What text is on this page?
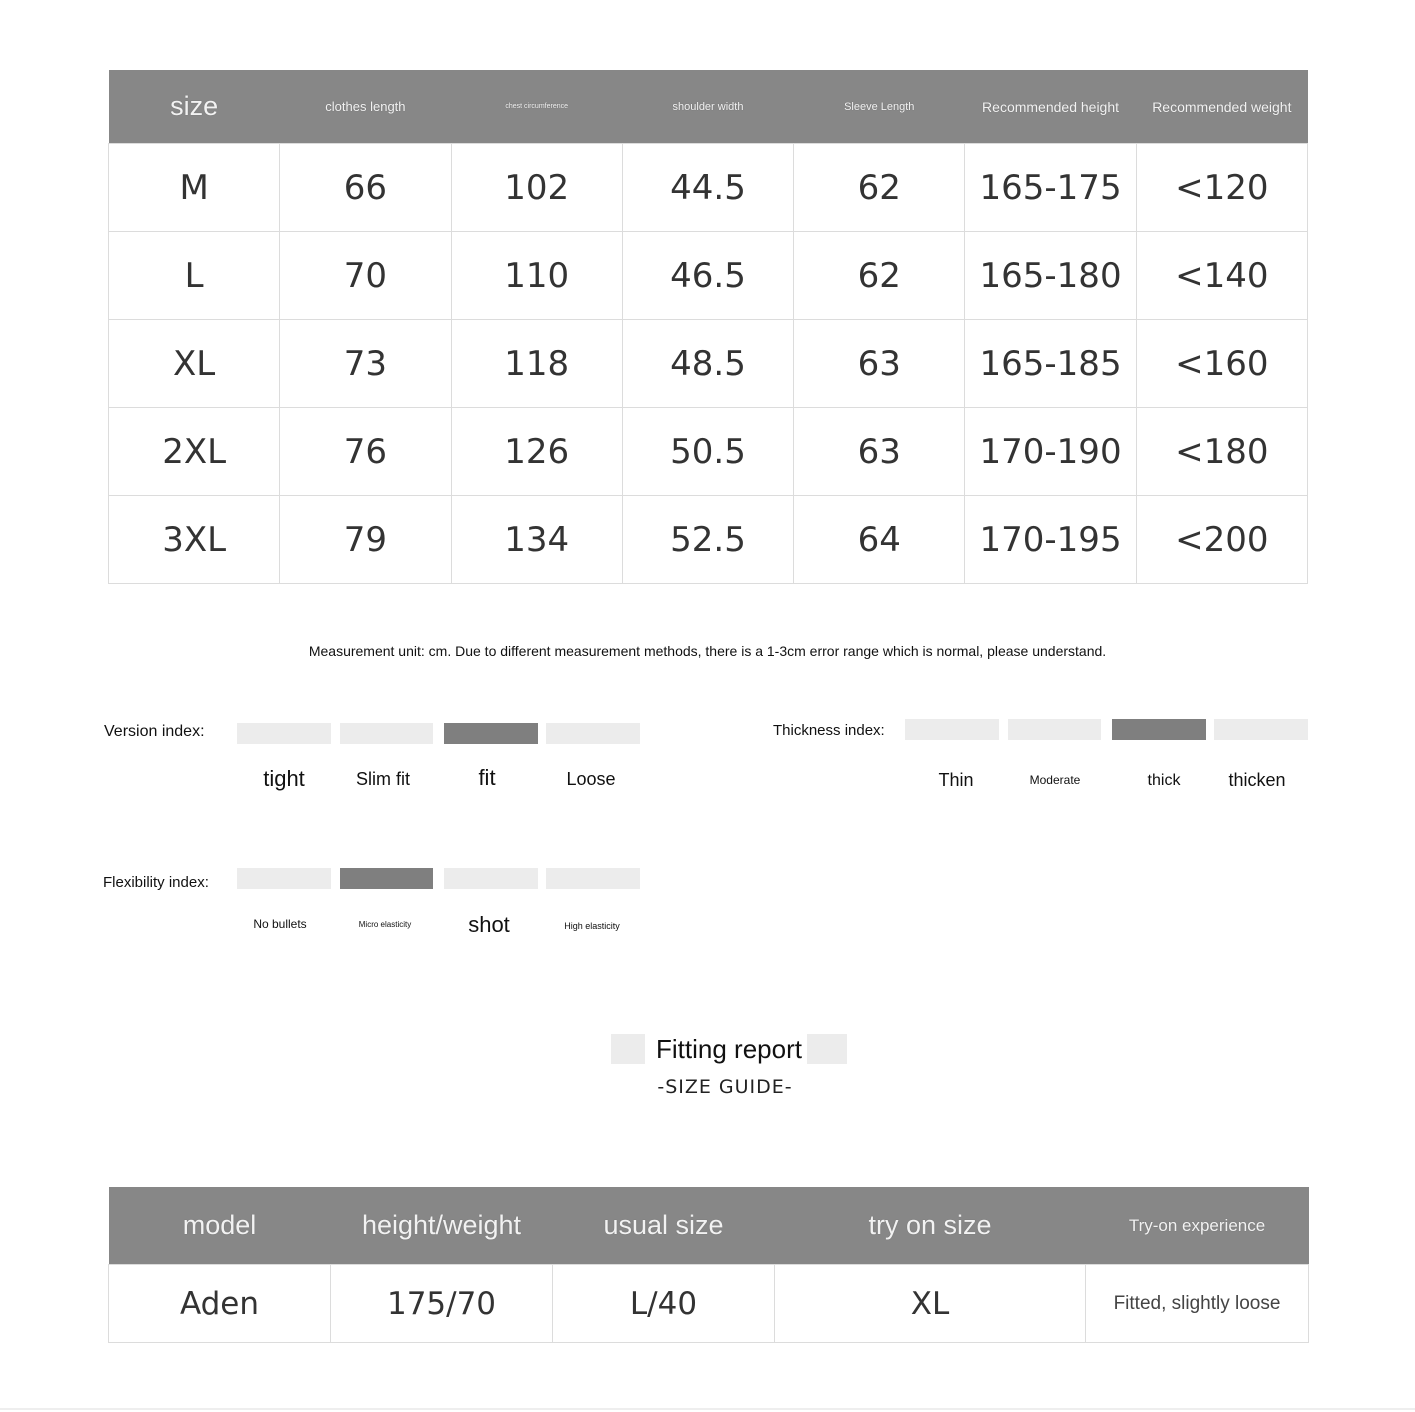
size	clothes length	chest circumference	shoulder width	Sleeve Length	Recommended height	Recommended weight
M	66	102	44.5	62	165-175	<120
L	70	110	46.5	62	165-180	<140
XL	73	118	48.5	63	165-185	<160
2XL	76	126	50.5	63	170-190	<180
3XL	79	134	52.5	64	170-195	<200
Measurement unit: cm. Due to different measurement methods, there is a 1-3cm error range which is normal, please understand.
Version index:
tight	Slim fit	fit	Loose
Thickness index:
Thin	Moderate	thick	thicken
Flexibility index:
No bullets	Micro elasticity	shot	High elasticity
Fitting report
-SIZE GUIDE-
model	height/weight	usual size	try on size	Try-on experience
Aden	175/70	L/40	XL	Fitted, slightly loose
